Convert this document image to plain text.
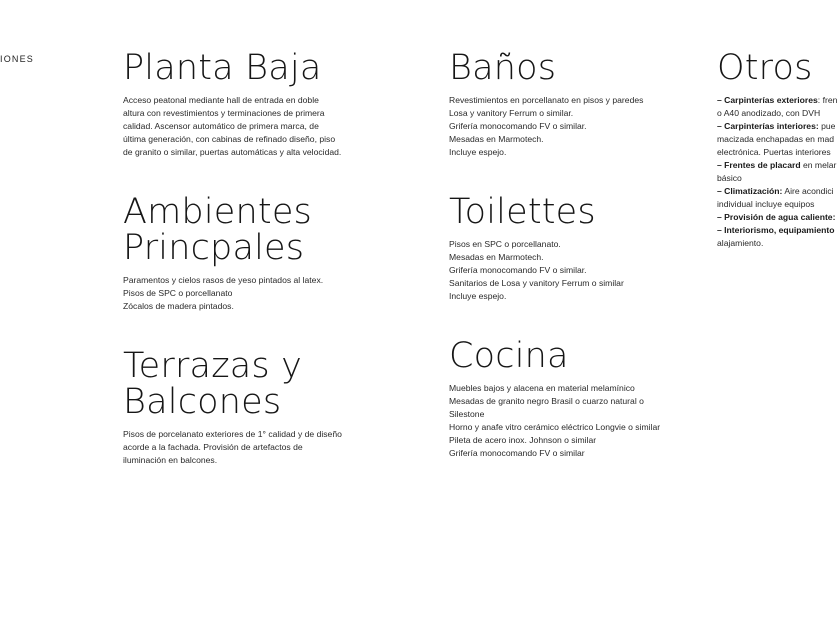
IONES	Planta Baja
Acceso peatonal mediante hall de entrada en doble
altura con revestimientos y terminaciones de primera
calidad. Ascensor automático de primera marca, de
última generación, con cabinas de refinado diseño, piso
de granito o similar, puertas automáticas y alta velocidad.
Ambientes
Princpales
Paramentos y cielos rasos de yeso pintados al latex.
Pisos de SPC o porcellanato
Zócalos de madera pintados.
Terrazas y
Balcones
Pisos de porcelanato exteriores de 1° calidad y de diseño
acorde a la fachada. Provisión de artefactos de
iluminación en balcones.
Baños
Revestimientos en porcellanato en pisos y paredes
Losa y vanitory Ferrum o similar.
Grifería monocomando FV o similar.
Mesadas en Marmotech.
Incluye espejo.
Toilettes
Pisos en SPC o porcellanato.
Mesadas en Marmotech.
Grifería monocomando FV o similar.
Sanitarios de Losa y vanitory Ferrum o similar
Incluye espejo.
Cocina
Muebles bajos y alacena en material melamínico
Mesadas de granito negro Brasil o cuarzo natural o
Silestone
Horno y anafe vitro cerámico eléctrico Longvie o similar
Pileta de acero inox. Johnson o similar
Grifería monocomando FV o similar
Otros
– Carpinterías exteriores: fren
o A40 anodizado, con DVH
– Carpinterías interiores: pue
macizada enchapadas en mad
electrónica. Puertas interiores
– Frentes de placard en melar
básico
– Climatización: Aire acondici
individual incluye equipos
– Provisión de agua caliente:
– Interiorismo, equipamiento
alajamiento.
